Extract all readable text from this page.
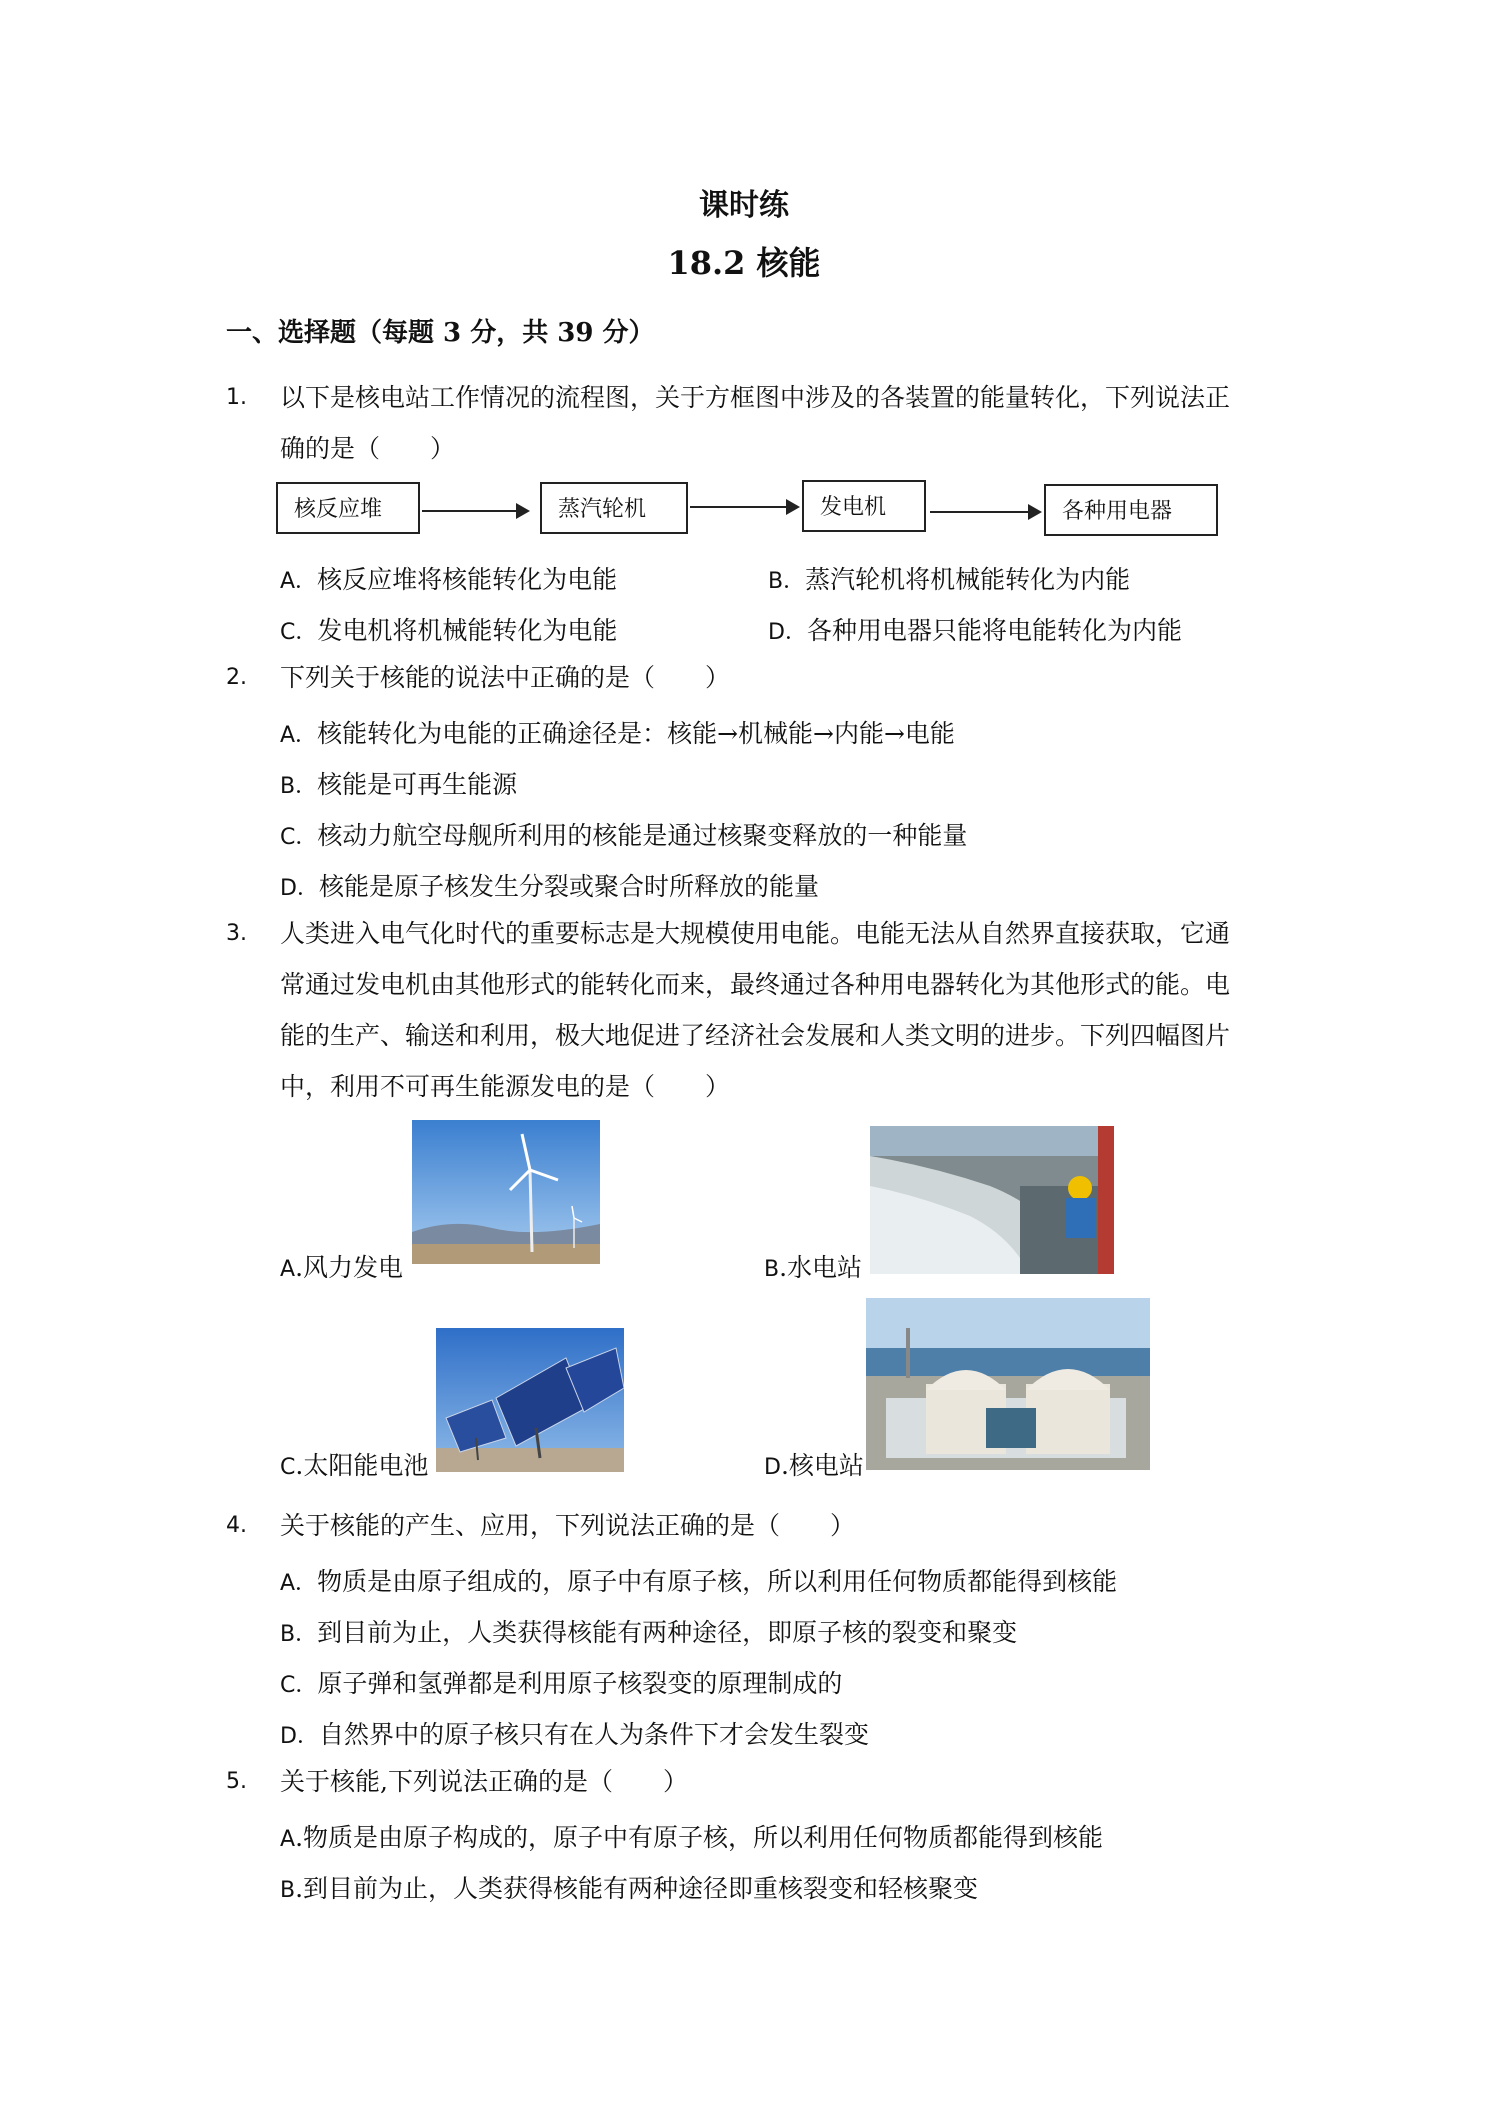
课时练
18.2 核能
一、选择题（每题 3 分，共 39 分）
1.	以下是核电站工作情况的流程图，关于方框图中涉及的各装置的能量转化，下列说法正
确的是（　　）
核反应堆	蒸汽轮机	发电机	各种用电器
A．核反应堆将核能转化为电能	B．蒸汽轮机将机械能转化为内能
C．发电机将机械能转化为电能	D．各种用电器只能将电能转化为内能
2.	下列关于核能的说法中正确的是（　　）
A．核能转化为电能的正确途径是：核能→机械能→内能→电能
B．核能是可再生能源
C．核动力航空母舰所利用的核能是通过核聚变释放的一种能量
D．核能是原子核发生分裂或聚合时所释放的能量
3.	人类进入电气化时代的重要标志是大规模使用电能。电能无法从自然界直接获取，它通
常通过发电机由其他形式的能转化而来，最终通过各种用电器转化为其他形式的能。电
能的生产、输送和利用，极大地促进了经济社会发展和人类文明的进步。下列四幅图片
中，利用不可再生能源发电的是（　　）
A.风力发电	B.水电站
C.太阳能电池	D.核电站
4.	关于核能的产生、应用，下列说法正确的是（　　）
A．物质是由原子组成的，原子中有原子核，所以利用任何物质都能得到核能
B．到目前为止，人类获得核能有两种途径，即原子核的裂变和聚变
C．原子弹和氢弹都是利用原子核裂变的原理制成的
D．自然界中的原子核只有在人为条件下才会发生裂变
5.	关于核能,下列说法正确的是（　　）
A.物质是由原子构成的，原子中有原子核，所以利用任何物质都能得到核能
B.到目前为止，人类获得核能有两种途径即重核裂变和轻核聚变
